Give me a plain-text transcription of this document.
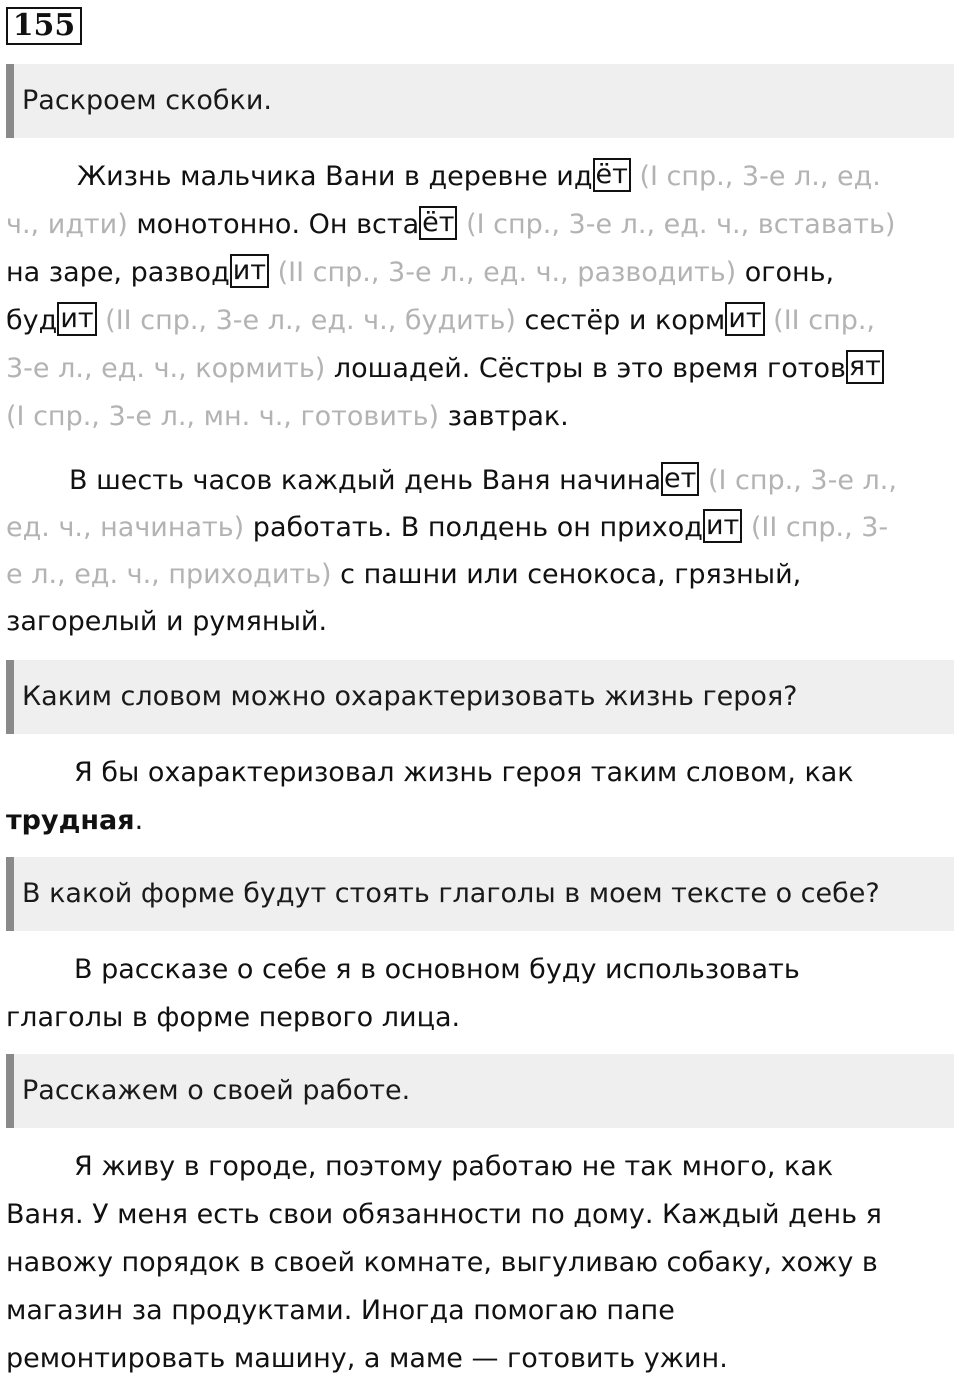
155
Раскроем скобки.
Жизнь мальчика Вани в деревне ид ёт (I спр., 3-е л., ед.
ч., идти) монотонно. Он вста ёт (I спр., 3-е л., ед. ч., вставать)
на заре, развод ит (II спр., 3-е л., ед. ч., разводить) огонь,
буд ит (II спр., 3-е л., ед. ч., будить) сестёр и корм ит (II спр.,
3-е л., ед. ч., кормить) лошадей. Сёстры в это время готов ят
(I спр., 3-е л., мн. ч., готовить) завтрак.
В шесть часов каждый день Ваня начина ет (I спр., 3-е л.,
ед. ч., начинать) работать. В полдень он приход ит (II спр., 3-
е л., ед. ч., приходить) с пашни или сенокоса, грязный,
загорелый и румяный.
Каким словом можно охарактеризовать жизнь героя?
Я бы охарактеризовал жизнь героя таким словом, как
трудная.
В какой форме будут стоять глаголы в моем тексте о себе?
В рассказе о себе я в основном буду использовать
глаголы в форме первого лица.
Расскажем о своей работе.
Я живу в городе, поэтому работаю не так много, как
Ваня. У меня есть свои обязанности по дому. Каждый день я
навожу порядок в своей комнате, выгуливаю собаку, хожу в
магазин за продуктами. Иногда помогаю папе
ремонтировать машину, а маме — готовить ужин.
